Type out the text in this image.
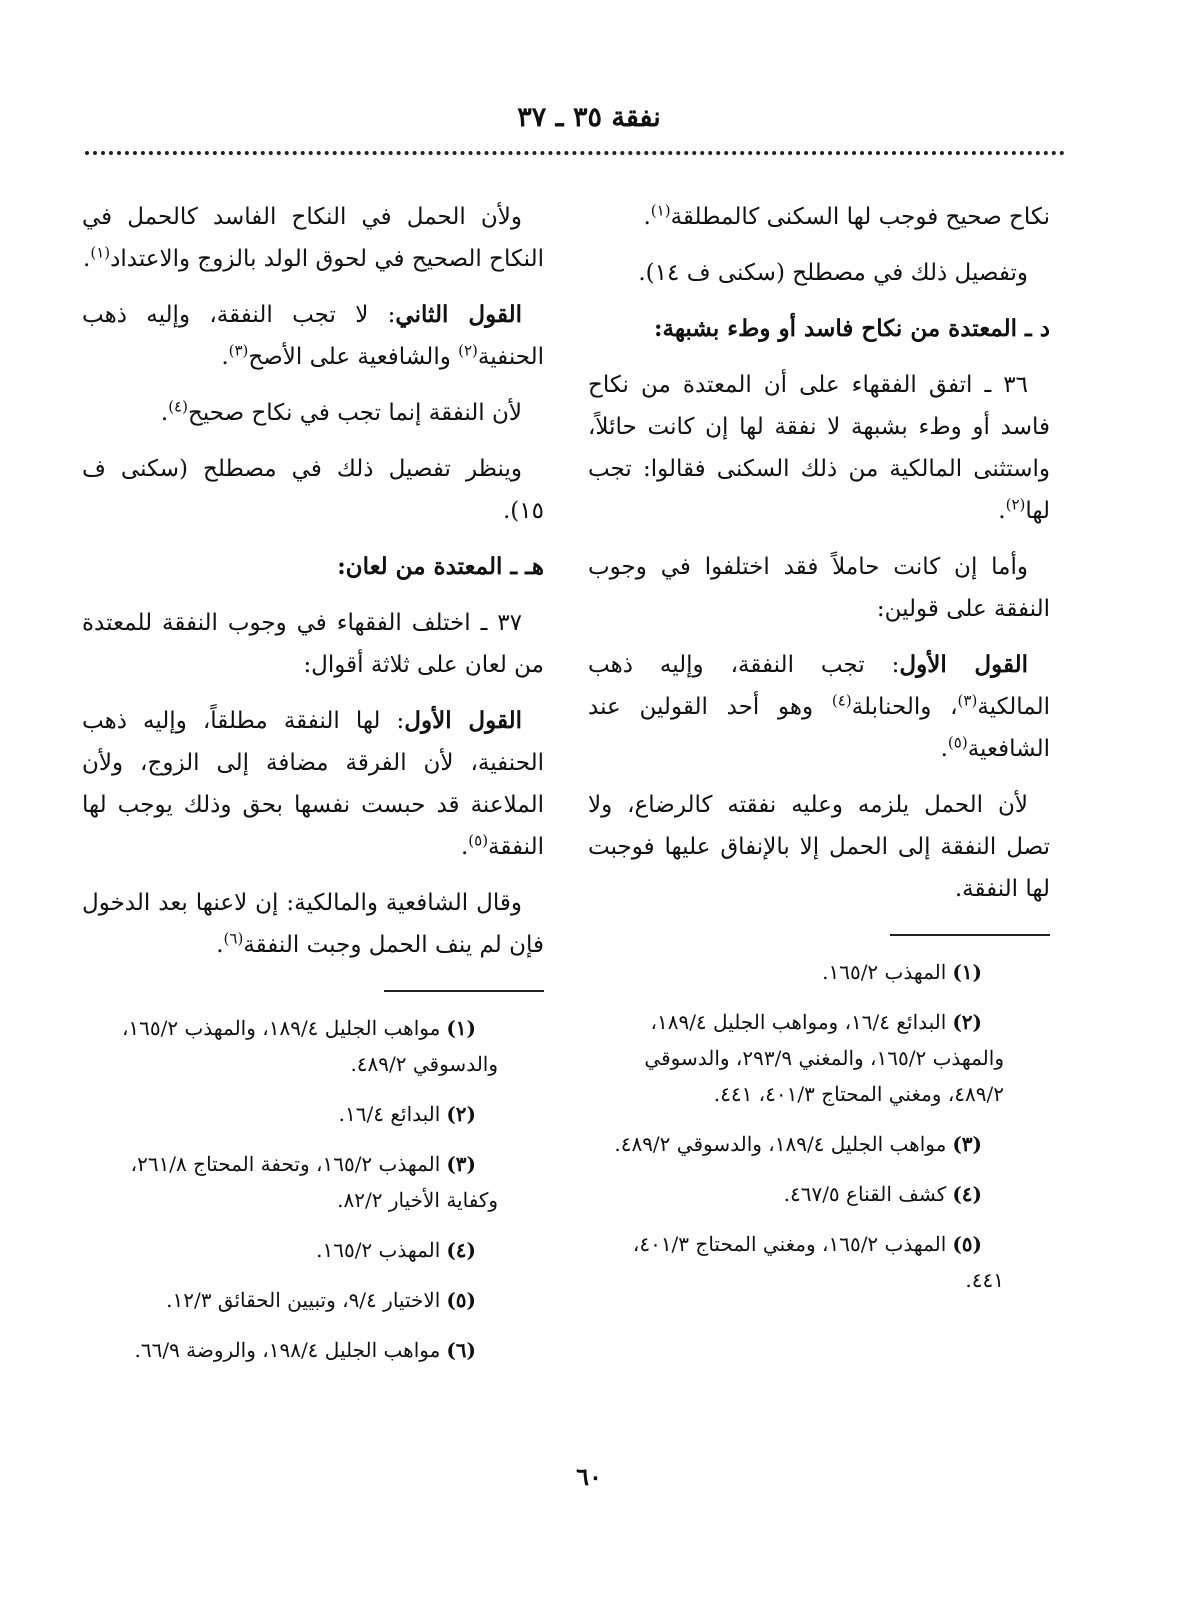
نفقة ٣٥ ـ ٣٧

نكاح صحيح فوجب لها السكنى كالمطلقة$^{(١)}$.

وتفصيل ذلك في مصطلح (سكنى ف ١٤).

د ـ المعتدة من نكاح فاسد أو وطء بشبهة:

٣٦ ـ اتفق الفقهاء على أن المعتدة من نكاح فاسد أو وطء بشبهة لا نفقة لها إن كانت حائلاً، واستثنى المالكية من ذلك السكنى فقالوا: تجب لها$^{(٢)}$.

وأما إن كانت حاملاً فقد اختلفوا في وجوب النفقة على قولين:

القول الأول: تجب النفقة، وإليه ذهب المالكية$^{(٣)}$، والحنابلة$^{(٤)}$ وهو أحد القولين عند الشافعية$^{(٥)}$.

لأن الحمل يلزمه وعليه نفقته كالرضاع، ولا تصل النفقة إلى الحمل إلا بالإنفاق عليها فوجبت لها النفقة.

(١)المهذب ١٦٥/٢.

(٢)البدائع ١٦/٤، ومواهب الجليل ١٨٩/٤، والمهذب ١٦٥/٢، والمغني ٢٩٣/٩، والدسوقي ٤٨٩/٢، ومغني المحتاج ٤٠١/٣، ٤٤١.

(٣)مواهب الجليل ١٨٩/٤، والدسوقي ٤٨٩/٢.

(٤)كشف القناع ٤٦٧/٥.

(٥)المهذب ١٦٥/٢، ومغني المحتاج ٤٠١/٣، ٤٤١.

ولأن الحمل في النكاح الفاسد كالحمل في النكاح الصحيح في لحوق الولد بالزوج والاعتداد$^{(١)}$.

القول الثاني: لا تجب النفقة، وإليه ذهب الحنفية$^{(٢)}$ والشافعية على الأصح$^{(٣)}$.

لأن النفقة إنما تجب في نكاح صحيح$^{(٤)}$.

وينظر تفصيل ذلك في مصطلح (سكنى ف ١٥).

هـ ـ المعتدة من لعان:

٣٧ ـ اختلف الفقهاء في وجوب النفقة للمعتدة من لعان على ثلاثة أقوال:

القول الأول: لها النفقة مطلقاً، وإليه ذهب الحنفية، لأن الفرقة مضافة إلى الزوج، ولأن الملاعنة قد حبست نفسها بحق وذلك يوجب لها النفقة$^{(٥)}$.

وقال الشافعية والمالكية: إن لاعنها بعد الدخول فإن لم ينف الحمل وجبت النفقة$^{(٦)}$.

(١)مواهب الجليل ١٨٩/٤، والمهذب ١٦٥/٢، والدسوقي ٤٨٩/٢.

(٢)البدائع ١٦/٤.

(٣)المهذب ١٦٥/٢، وتحفة المحتاج ٢٦١/٨، وكفاية الأخيار ٨٢/٢.

(٤)المهذب ١٦٥/٢.

(٥)الاختيار ٩/٤، وتبيين الحقائق ١٢/٣.

(٦)مواهب الجليل ١٩٨/٤، والروضة ٦٦/٩.

٦٠
